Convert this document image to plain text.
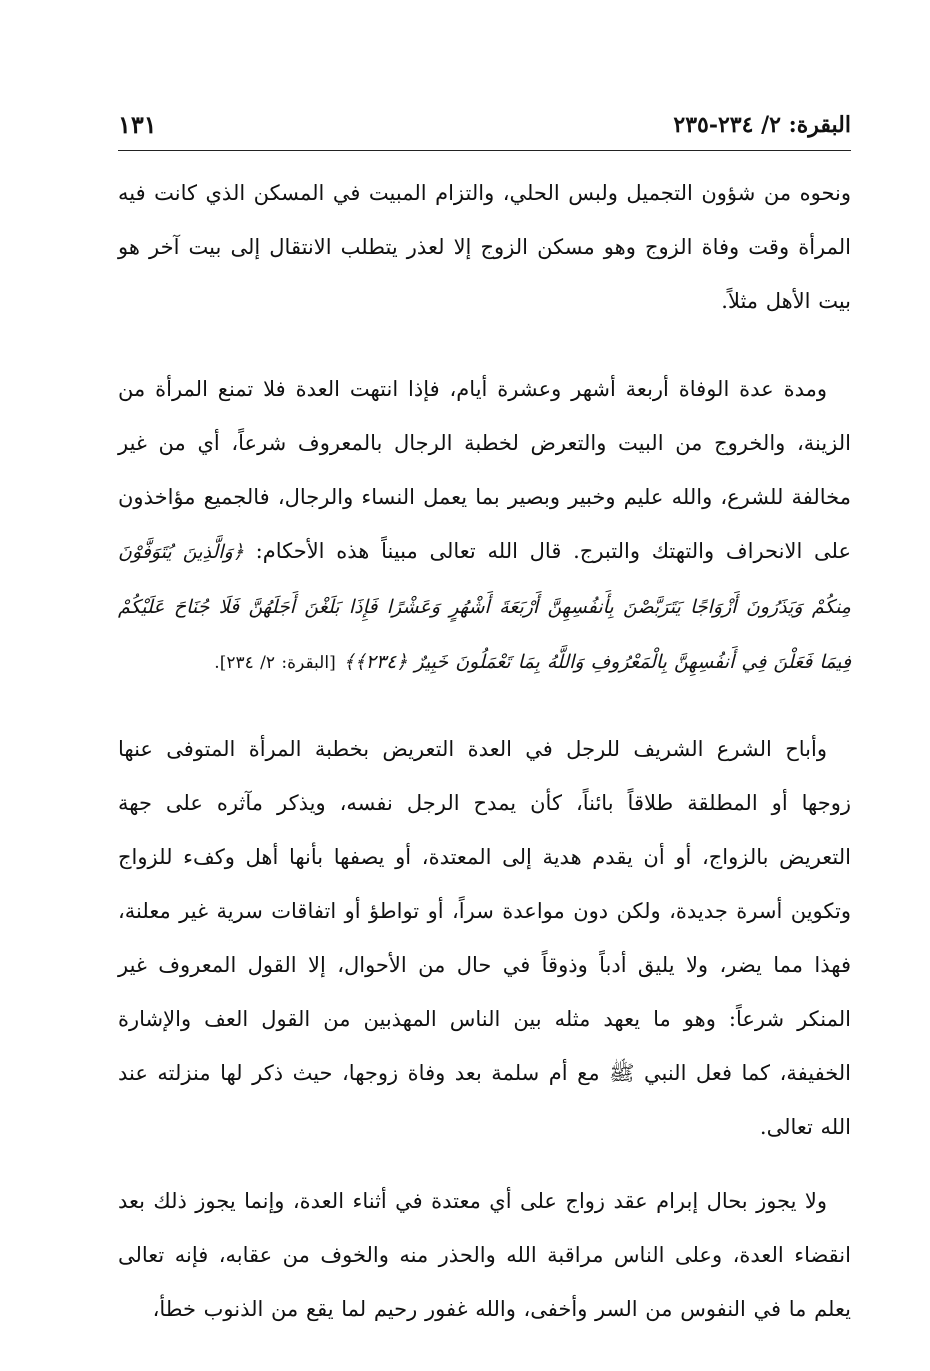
البقرة: ٢/ ٢٣٤-٢٣٥
١٣١

ونحوه من شؤون التجميل ولبس الحلي، والتزام المبيت في المسكن الذي كانت فيه المرأة وقت وفاة الزوج وهو مسكن الزوج إلا لعذر يتطلب الانتقال إلى بيت آخر هو بيت الأهل مثلاً.

ومدة عدة الوفاة أربعة أشهر وعشرة أيام، فإذا انتهت العدة فلا تمنع المرأة من الزينة، والخروج من البيت والتعرض لخطبة الرجال بالمعروف شرعاً، أي من غير مخالفة للشرع، والله عليم وخبير وبصير بما يعمل النساء والرجال، فالجميع مؤاخذون على الانحراف والتهتك والتبرج. قال الله تعالى مبيناً هذه الأحكام: ﴿وَالَّذِينَ يُتَوَفَّوْنَ مِنكُمْ وَيَذَرُونَ أَزْوَاجًا يَتَرَبَّصْنَ بِأَنفُسِهِنَّ أَرْبَعَةَ أَشْهُرٍ وَعَشْرًا فَإِذَا بَلَغْنَ أَجَلَهُنَّ فَلَا جُنَاحَ عَلَيْكُمْ فِيمَا فَعَلْنَ فِي أَنفُسِهِنَّ بِالْمَعْرُوفِ وَاللَّهُ بِمَا تَعْمَلُونَ خَبِيرٌ ﴿٢٣٤﴾﴾ [البقرة: ٢/ ٢٣٤].

وأباح الشرع الشريف للرجل في العدة التعريض بخطبة المرأة المتوفى عنها زوجها أو المطلقة طلاقاً بائناً، كأن يمدح الرجل نفسه، ويذكر مآثره على جهة التعريض بالزواج، أو أن يقدم هدية إلى المعتدة، أو يصفها بأنها أهل وكفء للزواج وتكوين أسرة جديدة، ولكن دون مواعدة سراً، أو تواطؤ أو اتفاقات سرية غير معلنة، فهذا مما يضر، ولا يليق أدباً وذوقاً في حال من الأحوال، إلا القول المعروف غير المنكر شرعاً: وهو ما يعهد مثله بين الناس المهذبين من القول العف والإشارة الخفيفة، كما فعل النبي ﷺ مع أم سلمة بعد وفاة زوجها، حيث ذكر لها منزلته عند الله تعالى.

ولا يجوز بحال إبرام عقد زواج على أي معتدة في أثناء العدة، وإنما يجوز ذلك بعد انقضاء العدة، وعلى الناس مراقبة الله والحذر منه والخوف من عقابه، فإنه تعالى يعلم ما في النفوس من السر وأخفى، والله غفور رحيم لما يقع من الذنوب خطأ،
